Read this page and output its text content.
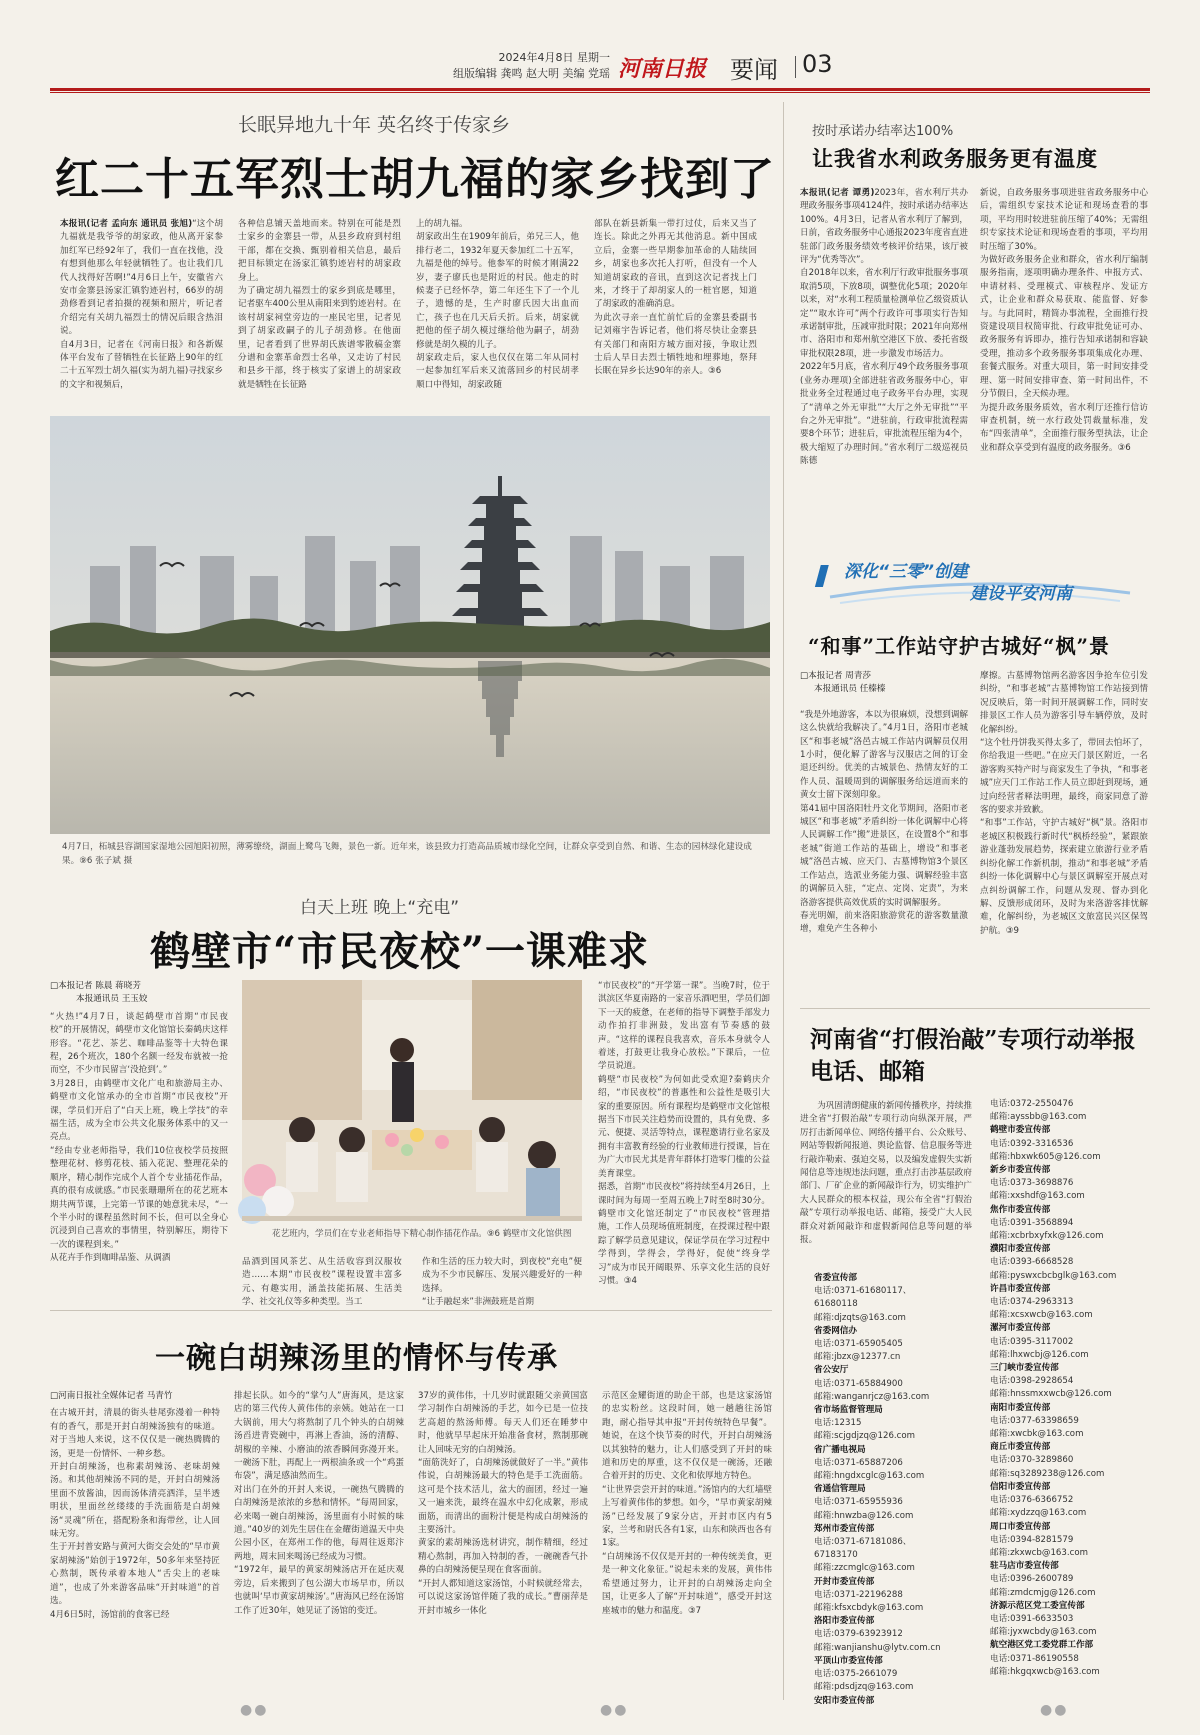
2024年4月8日 星期一
组版编辑 龚鸣 赵大明 美编 党瑶 河南日报 要闻 03
长眠异地九十年 英名终于传家乡
红二十五军烈士胡九福的家乡找到了
本报讯(记者 孟向东 通讯员 张旭)“这个胡九福就是我爷爷的胡家政，他从离开家参加红军已经92年了，我们一直在找他，没有想到他那么年轻就牺牲了。也让我们几代人找得好苦啊!”4月6日上午，安徽省六安市金寨县汤家汇镇豹迹岩村，66岁的胡劲修看到记者拍摄的视频和照片，听记者介绍完有关胡九福烈士的情况后眼含热泪说。
自4月3日，记者在《河南日报》和各新媒体平台发布了替牺牲在长征路上90年的红二十五军烈士胡久福(实为胡九福)寻找家乡的文字和视频后，
各种信息铺天盖地而来。特别在可能是烈士家乡的金寨县一带，从县乡政府到村组干部，都在交换、甄别着相关信息，最后把目标锁定在汤家汇镇豹迹岩村的胡家政身上。
为了确定胡九福烈士的家乡到底是哪里，记者驱车400公里从南阳来到豹迹岩村。在该村胡家祠堂旁边的一座民宅里，记者见到了胡家政嗣子的儿子胡劲修。在他面里，记者看到了世界胡氏族谱零散稿金寨分谱和金寨革命烈士名单，又走访了村民和县乡干部，终于核实了家谱上的胡家政就是牺牲在长征路
上的胡九福。
胡家政出生在1909年前后，弟兄三人，他排行老二，1932年夏天参加红二十五军，九福是他的绰号。他参军的时候才刚满22岁，妻子廖氏也是附近的村民。他走的时候妻子已经怀孕，第二年还生下了一个儿子，遗憾的是，生产时廖氏因大出血而亡，孩子也在几天后夭折。后来，胡家就把他的侄子胡久模过继给他为嗣子，胡劲修就是胡久模的儿子。
胡家政走后，家人也仅仅在第二年从同村一起参加红军后来又流落回乡的村民胡孝顺口中得知，胡家政随
部队在新县新集一带打过仗，后来又当了连长。除此之外再无其他消息。新中国成立后，金寨一些早期参加革命的人陆续回乡，胡家也多次托人打听，但没有一个人知道胡家政的音讯，直到这次记者找上门来，才终于了却胡家人的一桩官愿，知道了胡家政的准确消息。
为此次寻亲一直忙前忙后的金寨县委副书记刘雍宇告诉记者，他们将尽快让金寨县有关部门和南阳方城方面对接，争取让烈士后人早日去烈士牺牲地和埋葬地，祭拜长眠在异乡长达90年的亲人。③6
4月7日，柘城县容湖国家湿地公园旭阳初照，薄雾缭绕，湖面上鹭鸟飞舞，景色一新。近年来，该县致力打造高品质城市绿化空间，让群众享受到自然、和谐、生态的园林绿化建设成果。⑨6 张子斌 摄
白天上班 晚上“充电”
鹤壁市“市民夜校”一课难求
□本报记者 陈晨 蒋晓芳
本报通讯员 王玉姣
“火热!”4月7日，谈起鹤壁市首期“市民夜校”的开展情况，鹤壁市文化馆馆长秦鹤庆这样形容。“花艺、茶艺、咖啡品鉴等十大特色课程，26个班次，180个名额一经发布就被一抢而空，不少市民留言‘没抢到’。”
3月28日，由鹤壁市文化广电和旅游局主办、鹤壁市文化馆承办的全市首期“市民夜校”开课，学员们开启了“白天上班，晚上学技”的幸福生活，成为全市公共文化服务体系中的又一亮点。
“经由专业老师指导，我们10位夜校学员按照整理花材、修剪花枝、插入花泥、整理花朵的顺序，精心制作完成个人首个专业插花作品，真的很有成就感。”市民张珊珊所在的花艺班本期共两节课，上完第一节课的她意犹未尽，“一个半小时的课程虽然时间不长，但可以全身心沉浸到自己喜欢的事情里，特别解压，期待下一次的课程到来。”
从花卉手作到咖啡品鉴、从调酒
花艺班内，学员们在专业老师指导下精心制作插花作品。⑨6 鹤壁市文化馆供图
品酒到国风茶艺、从生活收容到汉服妆造……本期“市民夜校”课程设置丰富多元、有趣实用，涵盖技能拓展、生活美学、社交礼仪等多种类型。当工
作和生活的压力较大时，到夜校“充电”便成为不少市民解压、发展兴趣爱好的一种选择。
“让手融起来”非洲鼓班是首期
“市民夜校”的“开学第一课”。当晚7时，位于淇滨区华夏南路的一家音乐酒吧里，学员们卸下一天的疲惫，在老师的指导下调整手部发力动作拍打非洲鼓，发出富有节奏感的鼓声。“这样的课程良我喜欢，音乐本身就令人着迷，打鼓更让我身心放松。”下课后，一位学员说道。
鹤壁“市民夜校”为何如此受欢迎?秦鹤庆介绍，“市民夜校”的普惠性和公益性是吸引大家的重要原因。所有课程均是鹤壁市文化馆根据当下市民关注趋势而设置的，具有免费、多元、便捷、灵活等特点，课程邀请行业名家及拥有丰富教育经验的行业教师进行授课，旨在为广大市民尤其是青年群体打造零门槛的公益美育课堂。
据悉，首期“市民夜校”将持续至4月26日，上课时间为每周一至周五晚上7时至8时30分。鹤壁市文化馆还制定了“市民夜校”管理措施，工作人员现场值班制度，在授课过程中跟踪了解学员意见建议，保证学员在学习过程中学得到，学得会，学得好，促使“终身学习”成为市民开阔眼界、乐享文化生活的良好习惯。③4
一碗白胡辣汤里的情怀与传承
□河南日报社全媒体记者 马青竹
在古城开封，清晨的街头巷尾弥漫着一种特有的香气，那是开封白胡辣汤独有的味道。对于当地人来说，这不仅仅是一碗热腾腾的汤，更是一份情怀、一种乡愁。
开封白胡辣汤，也称素胡辣汤、老味胡辣汤。和其他胡辣汤不同的是，开封白胡辣汤里面不放酱油，因而汤体清亮洒洋，呈半透明状，里面丝丝缕缕的手洗面筋是白胡辣汤“灵魂”所在，搭配粉条和海带丝，让人回味无穷。
生于开封普安路与黄河大街交会处的“早市黄家胡辣汤”始创于1972年，50多年来坚持匠心熬制，既传承着本地人“舌尖上的老味道”，也成了外来游客品味“开封味道”的首选。
4月6日5时，汤馆前的食客已经
排起长队。如今的“掌勺人”唐海风，是这家店的第三代传人黄伟伟的亲姨。她站在一口大锅前，用大勺将熬制了几个钟头的白胡辣汤舀进青瓷碗中，再淋上香油，汤的清醇、胡椒的辛辣、小磨油的浓香瞬间弥漫开来。一碗汤下肚，再配上一两根油条或一个“鸡蛋布袋”，满足感油然而生。
对出门在外的开封人来说，一碗热气腾腾的白胡辣汤是浓浓的乡愁和情怀。“每周回家，必来喝一碗白胡辣汤，汤里面有小时候的味道。”40岁的刘先生居住在金耀街道温天中央公园小区，在郑州工作的他，每周往返郑汴两地，周末回来喝汤已经成为习惯。
“1972年，最早的黄家胡辣汤店开在延庆观旁边，后来搬到了包公湖大市场早市，所以也就叫‘早市黄家胡辣汤’。”唐海风已经在汤馆工作了近30年，她见证了汤馆的变迁。
37岁的黄伟伟，十几岁时就跟随父亲黄国富学习制作白胡辣汤的手艺，如今已是一位技艺高超的熬汤师傅。每天人们还在睡梦中时，他就早早起床开始准备食材，熬制那碗让人回味无穷的白胡辣汤。
“面筋洗好了，白胡辣汤就做好了一半。”黄伟伟说，白胡辣汤最大的特色是手工洗面筋。这可是个技术活儿，盆大的面团，经过一遍又一遍来洗，最终在温水中幻化成絮，形成面筋，而清出的面粉汁便是构成白胡辣汤的主要汤汁。
黄家的素胡辣汤选材讲究，制作精细，经过精心熬制，再加入特制的香，一碗碗香气扑鼻的白胡辣汤便呈现在食客面前。
“开封人都知道这家汤馆，小时候就经常去，可以说这家汤馆伴随了我的成长。”曹丽萍是开封市城乡一体化
示范区金耀街道的助企干部，也是这家汤馆的忠实粉丝。这段时间，她一趟趟往汤馆跑，耐心指导其申报“开封传统特色早餐”。她说，在这个快节奏的时代，开封白胡辣汤以其独特的魅力，让人们感受到了开封的味道和历史的厚重，这不仅仅是一碗汤，还融合着开封的历史、文化和依厚地方特色。
“让世界尝尝开封的味道。”汤馆内的大红墙壁上写着黄伟伟的梦想。如今，“早市黄家胡辣汤”已经发展了9家分店，开封市区内有5家，兰考和尉氏各有1家，山东和陕西也各有1家。
“白胡辣汤不仅仅是开封的一种传统美食，更是一种文化象征。”说起未来的发展，黄伟伟希望通过努力，让开封的白胡辣汤走向全国，让更多人了解“开封味道”，感受开封这座城市的魅力和温度。③7
●●	●●
按时承诺办结率达100%
让我省水利政务服务更有温度
本报讯(记者 谭勇)2023年，省水利厅共办理政务服务事项4124件，按时承诺办结率达100%。4月3日，记者从省水利厅了解到，日前，省政务服务中心通报2023年度省直进驻部门政务服务绩效考核评价结果，该厅被评为“优秀等次”。
自2018年以来，省水利厅行政审批服务事项取消5项，下放8项，调整优化5项；2020年以来，对“水利工程质量检测单位乙级资质认定”“取水许可”两个行政许可事项实行告知承诺制审批，压减审批时限；2021年向郑州市、洛阳市和郑州航空港区下放、委托省级审批权限28项，进一步激发市场活力。
2022年5月底，省水利厅49个政务服务事项(业务办理项)全部进驻省政务服务中心，审批业务全过程通过电子政务平台办理，实现了“清单之外无审批”“大厅之外无审批”“平台之外无审批”。“进驻前，行政审批流程需要8个环节；进驻后，审批流程压缩为4个，极大缩短了办理时间。”省水利厅二级巡视员陈德
新说，自政务服务事项进驻省政务服务中心后，需组织专家技术论证和现场查看的事项，平均用时较进驻前压缩了40%；无需组织专家技术论证和现场查看的事项，平均用时压缩了30%。
为做好政务服务企业和群众，省水利厅编制服务指南，逐项明确办理条件、申报方式、申请材料、受理模式、审核程序、发证方式，让企业和群众易获取、能监督、好参与。与此同时，精简办事流程，全面推行投资建设项目权简审批、行政审批免证可办、政务服务有诉即办，推行告知承诺制和容缺受理，推动多个政务服务事项集成化办理、套餐式服务。对重大项目，第一时间安排受理、第一时间安排审查、第一时间出件，不分节假日，全天候办理。
为提升政务服务质效，省水利厅还推行信访审查机制，统一水行政处罚裁量标准，发布“四张清单”，全面推行服务型执法，让企业和群众享受到有温度的政务服务。③6
深化“三零”创建
建设平安河南
“和事”工作站守护古城好“枫”景
□本报记者 周青莎
本报通讯员 任榛榛
“我是外地游客，本以为很麻烦，没想到调解这么快就给我解决了。”4月1日，洛阳市老城区“和事老城”洛邑古城工作站内调解员仅用1小时，便化解了游客与汉服店之间的订金退还纠纷。优美的古城景色、热情友好的工作人员、温暖周到的调解服务给远道而来的黄女士留下深刻印象。
第41届中国洛阳牡丹文化节期间，洛阳市老城区“和事老城”矛盾纠纷一体化调解中心将人民调解工作“搬”进景区，在设置8个“和事老城”街道工作站的基础上，增设“和事老城”洛邑古城、应天门、古墓博物馆3个景区工作站点，选派业务能力强、调解经验丰富的调解员入驻，“定点、定岗、定责”，为来洛游客提供高效优质的实时调解服务。
春光明媚，前来洛阳旅游赏花的游客数量激增，难免产生各种小
摩擦。古墓博物馆两名游客因争抢车位引发纠纷，“和事老城”古墓博物馆工作站接到情况反映后，第一时间开展调解工作，同时安排景区工作人员为游客引导车辆停放，及时化解纠纷。
“这个牡丹饼我买得太多了，带回去怕坏了，你给我退一些吧。”在应天门景区附近，一名游客购买特产时与商家发生了争执，“和事老城”应天门工作站工作人员立即赶到现场，通过向经营者释法明理，最终，商家同意了游客的要求并致歉。
“和事”工作站，守护古城好“枫”景。洛阳市老城区积极践行新时代“枫桥经验”，紧跟旅游业蓬勃发展趋势，探索建立旅游行业矛盾纠纷化解工作新机制，推动“和事老城”矛盾纠纷一体化调解中心与景区调解室开展点对点纠纷调解工作，问题从发现、督办到化解、反馈形成闭环，及时为来洛游客排忧解难，化解纠纷，为老城区文旅富民兴区保驾护航。③9
河南省“打假治敲”专项行动举报电话、邮箱
为巩固清朗健康的新闻传播秩序，持续推进全省“打假治敲”专项行动向纵深开展，严厉打击新闻单位、网络传播平台、公众账号、网站等假新闻报道、舆论监督、信息服务等进行敲诈勒索、强迫交易，以及编发虚假失实新闻信息等违规违法问题，重点打击涉基层政府部门、厂矿企业的新闻敲诈行为，切实维护广大人民群众的根本权益，现公布全省“打假治敲”专项行动举报电话、邮箱，接受广大人民群众对新闻敲诈和虚假新闻信息等问题的举报。
省委宣传部
电话:0371-61680117、
61680118
邮箱:djzqts@163.com
省委网信办
电话:0371-65905405
邮箱:jbzx@12377.cn
省公安厅
电话:0371-65884900
邮箱:wanganrjcz@163.com
省市场监督管理局
电话:12315
邮箱:scjgdjzq@126.com
省广播电视局
电话:0371-65887206
邮箱:hngdxcglc@163.com
省通信管理局
电话:0371-65955936
邮箱:hnwzba@126.com
郑州市委宣传部
电话:0371-67181086、
67183170
邮箱:zzcmglc@163.com
开封市委宣传部
电话:0371-22196288
邮箱:kfsxcbdyk@163.com
洛阳市委宣传部
电话:0379-63923912
邮箱:wanjianshu@lytv.com.cn
平顶山市委宣传部
电话:0375-2661079
邮箱:pdsdjzq@163.com
安阳市委宣传部
电话:0372-2550476
邮箱:ayssbb@163.com
鹤壁市委宣传部
电话:0392-3316536
邮箱:hbxwk605@126.com
新乡市委宣传部
电话:0373-3698876
邮箱:xxshdf@163.com
焦作市委宣传部
电话:0391-3568894
邮箱:xcbrbxyfxk@126.com
濮阳市委宣传部
电话:0393-6668528
邮箱:pyswxcbcbglk@163.com
许昌市委宣传部
电话:0374-2963313
邮箱:xcsxwcb@163.com
漯河市委宣传部
电话:0395-3117002
邮箱:lhxwcbj@126.com
三门峡市委宣传部
电话:0398-2928654
邮箱:hnssmxxwcb@126.com
南阳市委宣传部
电话:0377-63398659
邮箱:xwcbk@163.com
商丘市委宣传部
电话:0370-3289860
邮箱:sq3289238@126.com
信阳市委宣传部
电话:0376-6366752
邮箱:xydzzq@163.com
周口市委宣传部
电话:0394-8281579
邮箱:zkxwcb@163.com
驻马店市委宣传部
电话:0396-2600789
邮箱:zmdcmjg@126.com
济源示范区党工委宣传部
电话:0391-6633503
邮箱:jyxwcbdy@163.com
航空港区党工委党群工作部
电话:0371-86190558
邮箱:hkgqxwcb@163.com
●●
